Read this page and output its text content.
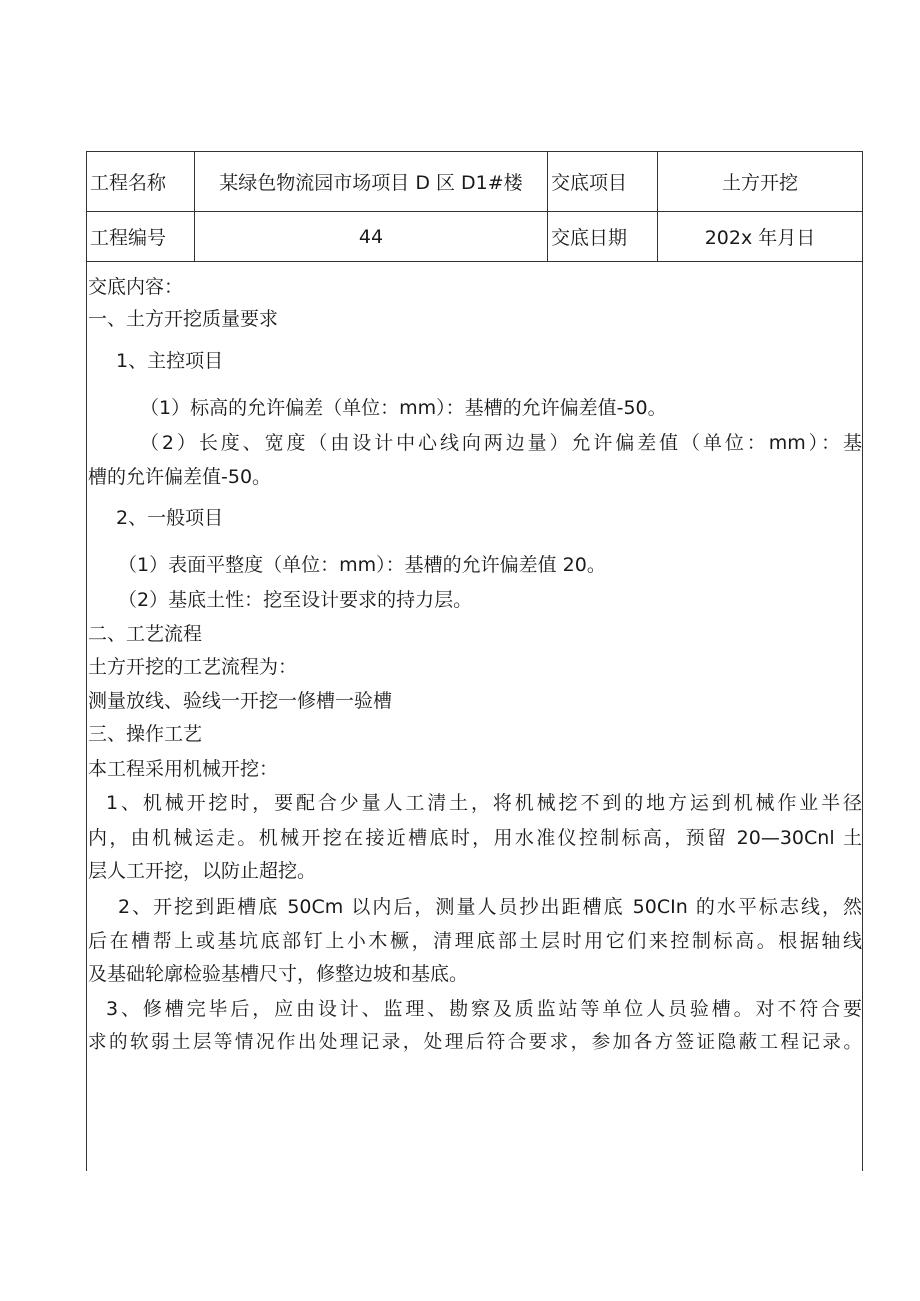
工程名称	某绿色物流园市场项目 D 区 D1#楼	交底项目	土方开挖
工程编号	44	交底日期	202x 年月日
交底内容：
一、土方开挖质量要求
1、主控项目
（1）标高的允许偏差（单位：mm）：基槽的允许偏差值-50。
（2）长度、宽度（由设计中心线向两边量）允许偏差值（单位：mm）：基
槽的允许偏差值-50。
2、一般项目
（1）表面平整度（单位：mm）：基槽的允许偏差值 20。
（2）基底土性：挖至设计要求的持力层。
二、工艺流程
土方开挖的工艺流程为：
测量放线、验线一开挖一修槽一验槽
三、操作工艺
本工程采用机械开挖：
1、机械开挖时，要配合少量人工清土，将机械挖不到的地方运到机械作业半径
内，由机械运走。机械开挖在接近槽底时，用水准仪控制标高，预留 20—30Cnl 土
层人工开挖，以防止超挖。
2、开挖到距槽底 50Cm 以内后，测量人员抄出距槽底 50CIn 的水平标志线，然
后在槽帮上或基坑底部钉上小木橛，清理底部土层时用它们来控制标高。根据轴线
及基础轮廓检验基槽尺寸，修整边坡和基底。
3、修槽完毕后，应由设计、监理、勘察及质监站等单位人员验槽。对不符合要
求的软弱土层等情况作出处理记录，处理后符合要求，参加各方签证隐蔽工程记录。
